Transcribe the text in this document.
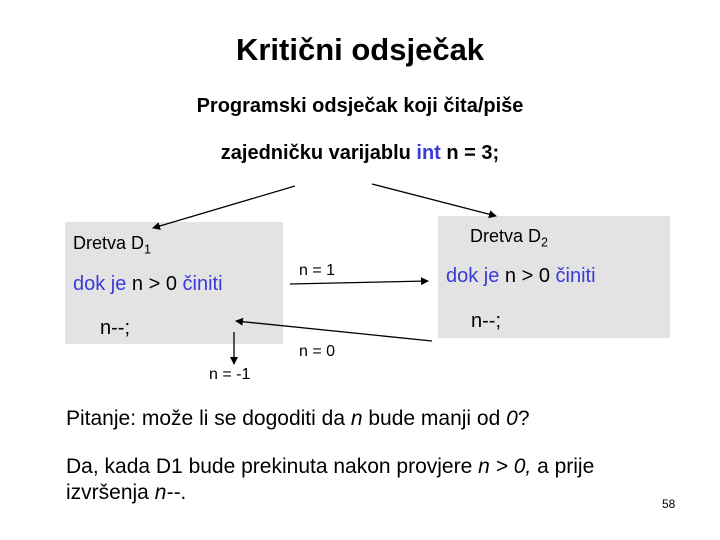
Kritični odsječak
Programski odsječak koji čita/piše
zajedničku varijablu int n = 3;
Dretva $D_1$
dok je n > 0 činiti
n--;
Dretva $D_2$
dok je n > 0 činiti
n--;
n = 1
n = 0
n = -1
Pitanje: može li se dogoditi da n bude manji od 0?
Da, kada D1 bude prekinuta nakon provjere n > 0, a prije
izvršenja n--.	58
